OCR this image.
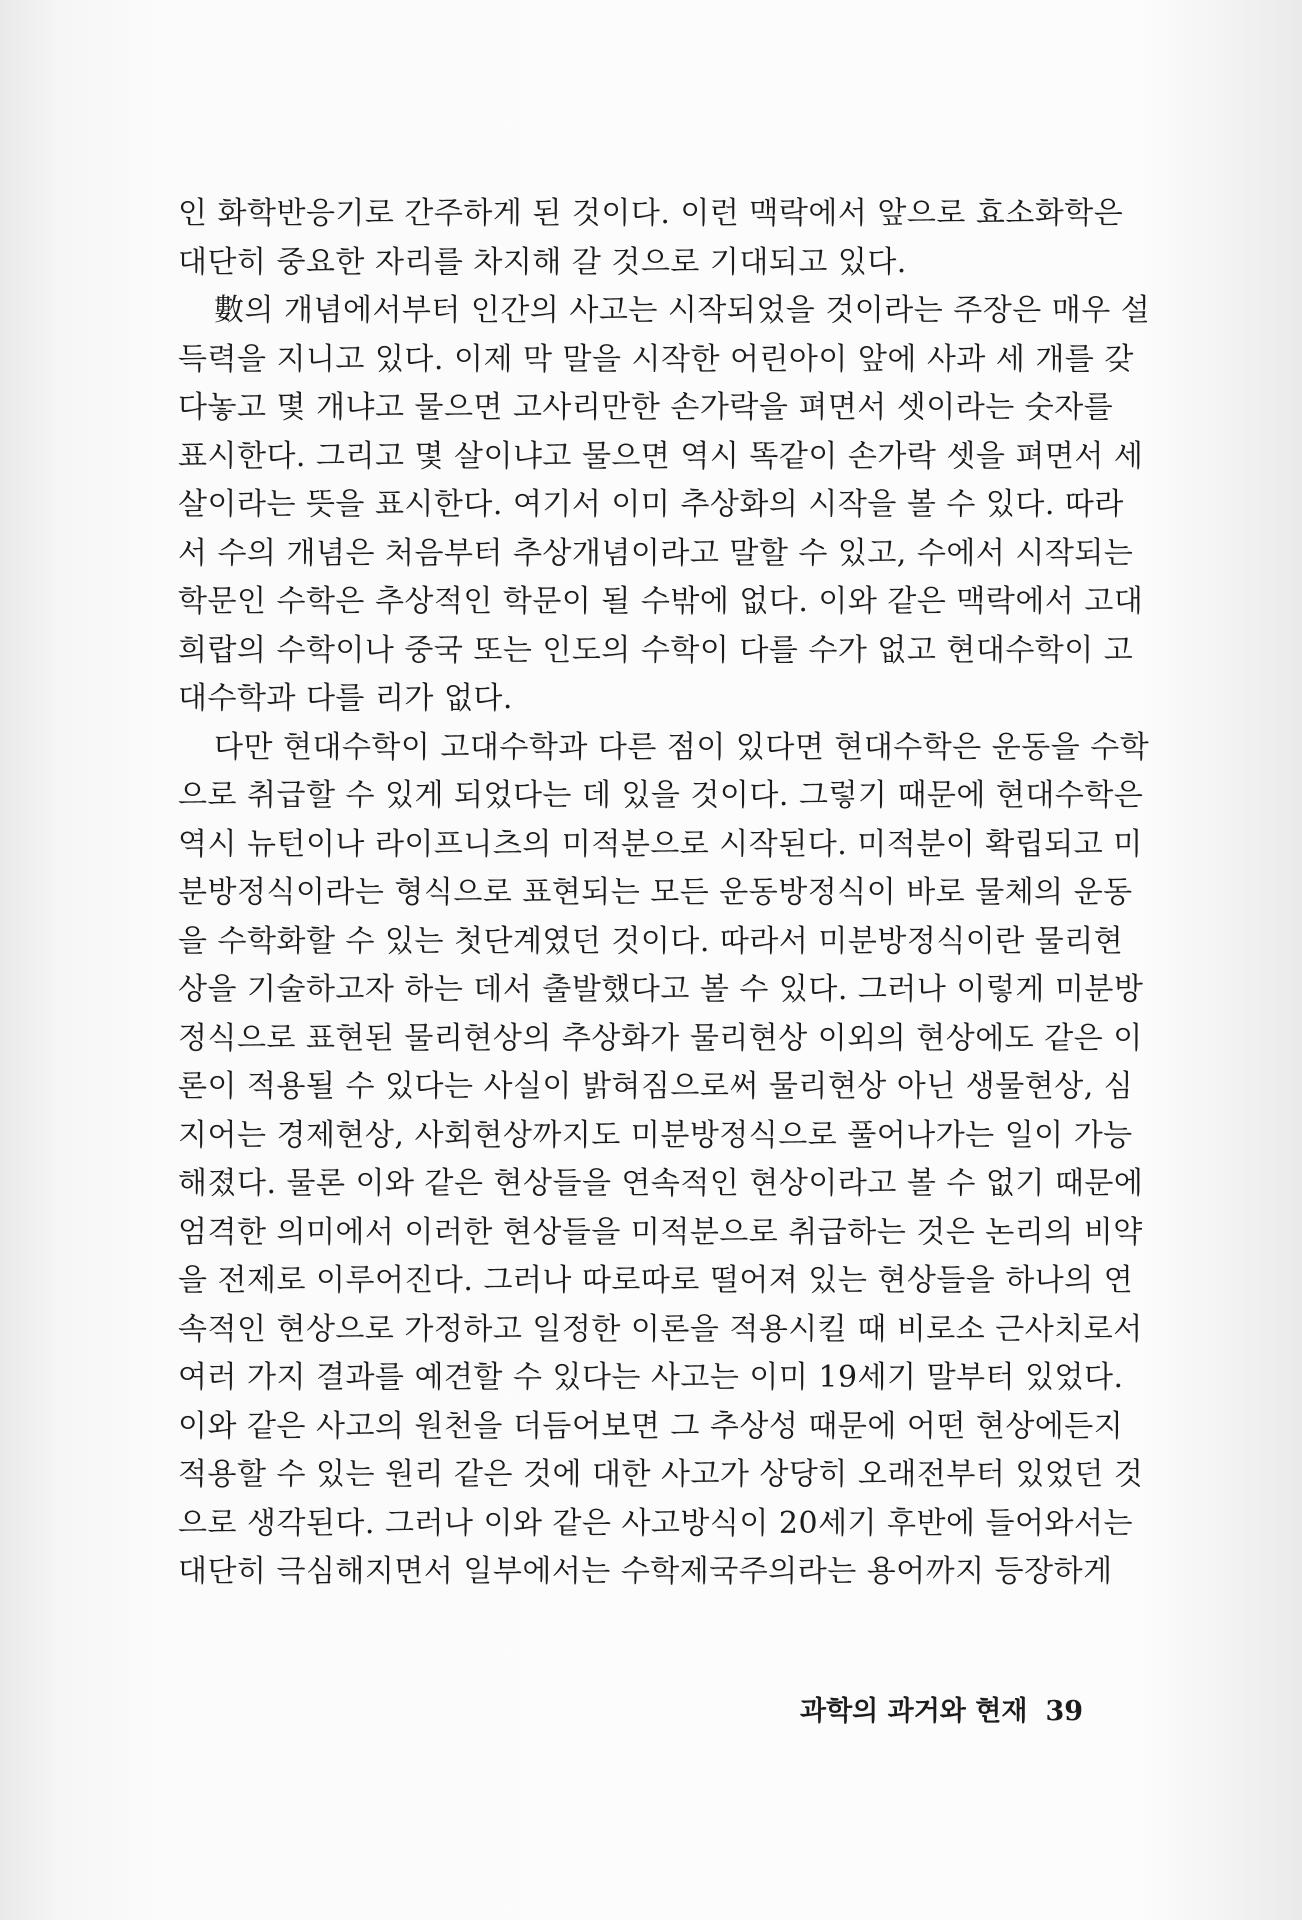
인 화학반응기로 간주하게 된 것이다. 이런 맥락에서 앞으로 효소화학은
대단히 중요한 자리를 차지해 갈 것으로 기대되고 있다.
數의 개념에서부터 인간의 사고는 시작되었을 것이라는 주장은 매우 설
득력을 지니고 있다. 이제 막 말을 시작한 어린아이 앞에 사과 세 개를 갖
다놓고 몇 개냐고 물으면 고사리만한 손가락을 펴면서 셋이라는 숫자를
표시한다. 그리고 몇 살이냐고 물으면 역시 똑같이 손가락 셋을 펴면서 세
살이라는 뜻을 표시한다. 여기서 이미 추상화의 시작을 볼 수 있다. 따라
서 수의 개념은 처음부터 추상개념이라고 말할 수 있고, 수에서 시작되는
학문인 수학은 추상적인 학문이 될 수밖에 없다. 이와 같은 맥락에서 고대
희랍의 수학이나 중국 또는 인도의 수학이 다를 수가 없고 현대수학이 고
대수학과 다를 리가 없다.
다만 현대수학이 고대수학과 다른 점이 있다면 현대수학은 운동을 수학
으로 취급할 수 있게 되었다는 데 있을 것이다. 그렇기 때문에 현대수학은
역시 뉴턴이나 라이프니츠의 미적분으로 시작된다. 미적분이 확립되고 미
분방정식이라는 형식으로 표현되는 모든 운동방정식이 바로 물체의 운동
을 수학화할 수 있는 첫단계였던 것이다. 따라서 미분방정식이란 물리현
상을 기술하고자 하는 데서 출발했다고 볼 수 있다. 그러나 이렇게 미분방
정식으로 표현된 물리현상의 추상화가 물리현상 이외의 현상에도 같은 이
론이 적용될 수 있다는 사실이 밝혀짐으로써 물리현상 아닌 생물현상, 심
지어는 경제현상, 사회현상까지도 미분방정식으로 풀어나가는 일이 가능
해졌다. 물론 이와 같은 현상들을 연속적인 현상이라고 볼 수 없기 때문에
엄격한 의미에서 이러한 현상들을 미적분으로 취급하는 것은 논리의 비약
을 전제로 이루어진다. 그러나 따로따로 떨어져 있는 현상들을 하나의 연
속적인 현상으로 가정하고 일정한 이론을 적용시킬 때 비로소 근사치로서
여러 가지 결과를 예견할 수 있다는 사고는 이미 19세기 말부터 있었다.
이와 같은 사고의 원천을 더듬어보면 그 추상성 때문에 어떤 현상에든지
적용할 수 있는 원리 같은 것에 대한 사고가 상당히 오래전부터 있었던 것
으로 생각된다. 그러나 이와 같은 사고방식이 20세기 후반에 들어와서는
대단히 극심해지면서 일부에서는 수학제국주의라는 용어까지 등장하게
과학의 과거와 현재 39
